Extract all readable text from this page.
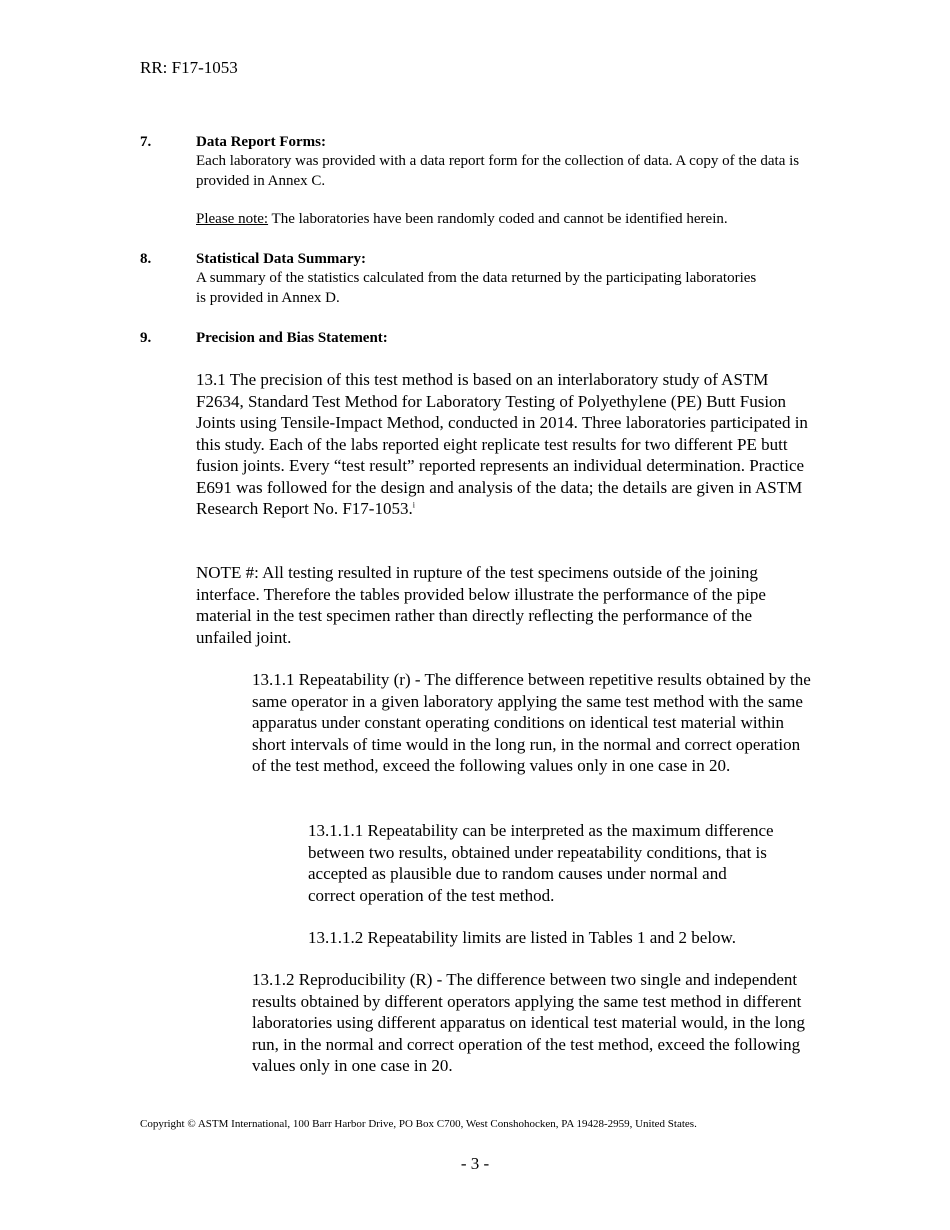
RR: F17-1053

7.	Data Report Forms:

Each laboratory was provided with a data report form for the collection of data. A copy of the data is provided in Annex C.

Please note: The laboratories have been randomly coded and cannot be identified herein.

8.	Statistical Data Summary:

A summary of the statistics calculated from the data returned by the participating laboratories is provided in Annex D.

9.	Precision and Bias Statement:

13.1 The precision of this test method is based on an interlaboratory study of ASTM F2634, Standard Test Method for Laboratory Testing of Polyethylene (PE) Butt Fusion Joints using Tensile-Impact Method, conducted in 2014. Three laboratories participated in this study. Each of the labs reported eight replicate test results for two different PE butt fusion joints. Every “test result” reported represents an individual determination. Practice E691 was followed for the design and analysis of the data; the details are given in ASTM Research Report No. F17-1053.$^i$

NOTE #: All testing resulted in rupture of the test specimens outside of the joining interface. Therefore the tables provided below illustrate the performance of the pipe material in the test specimen rather than directly reflecting the performance of the unfailed joint.

13.1.1 Repeatability (r) - The difference between repetitive results obtained by the same operator in a given laboratory applying the same test method with the same apparatus under constant operating conditions on identical test material within short intervals of time would in the long run, in the normal and correct operation of the test method, exceed the following values only in one case in 20.

13.1.1.1 Repeatability can be interpreted as the maximum difference between two results, obtained under repeatability conditions, that is accepted as plausible due to random causes under normal and correct operation of the test method.

13.1.1.2 Repeatability limits are listed in Tables 1 and 2 below.

13.1.2 Reproducibility (R) - The difference between two single and independent results obtained by different operators applying the same test method in different laboratories using different apparatus on identical test material would, in the long run, in the normal and correct operation of the test method, exceed the following values only in one case in 20.

Copyright © ASTM International, 100 Barr Harbor Drive, PO Box C700, West Conshohocken, PA 19428-2959, United States.

- 3 -
